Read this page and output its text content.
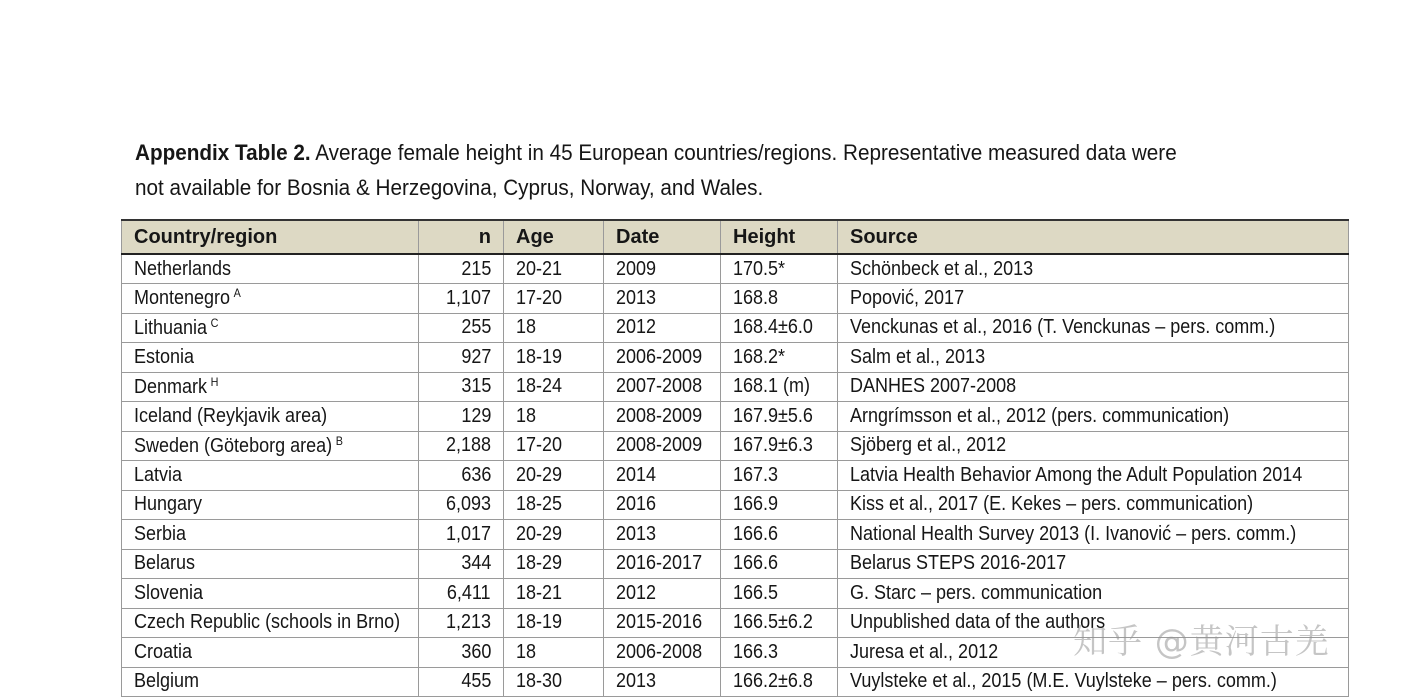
Appendix Table 2. Average female height in 45 European countries/regions. Representative measured data were not available for Bosnia & Herzegovina, Cyprus, Norway, and Wales.
Country/region	n	Age	Date	Height	Source
Netherlands	215	20-21	2009	170.5*	Schönbeck et al., 2013
Montenegro $^A$	1,107	17-20	2013	168.8	Popović, 2017
Lithuania $^C$	255	18	2012	168.4±6.0	Venckunas et al., 2016 (T. Venckunas – pers. comm.)
Estonia	927	18-19	2006-2009	168.2*	Salm et al., 2013
Denmark $^H$	315	18-24	2007-2008	168.1 (m)	DANHES 2007-2008
Iceland (Reykjavik area)	129	18	2008-2009	167.9±5.6	Arngrímsson et al., 2012 (pers. communication)
Sweden (Göteborg area) $^B$	2,188	17-20	2008-2009	167.9±6.3	Sjöberg et al., 2012
Latvia	636	20-29	2014	167.3	Latvia Health Behavior Among the Adult Population 2014
Hungary	6,093	18-25	2016	166.9	Kiss et al., 2017 (E. Kekes – pers. communication)
Serbia	1,017	20-29	2013	166.6	National Health Survey 2013 (I. Ivanović – pers. comm.)
Belarus	344	18-29	2016-2017	166.6	Belarus STEPS 2016-2017
Slovenia	6,411	18-21	2012	166.5	G. Starc – pers. communication
Czech Republic (schools in Brno)	1,213	18-19	2015-2016	166.5±6.2	Unpublished data of the authors
Croatia	360	18	2006-2008	166.3	Juresa et al., 2012
Belgium	455	18-30	2013	166.2±6.8	Vuylsteke et al., 2015 (M.E. Vuylsteke – pers. comm.)
知乎 @黄河古羌
